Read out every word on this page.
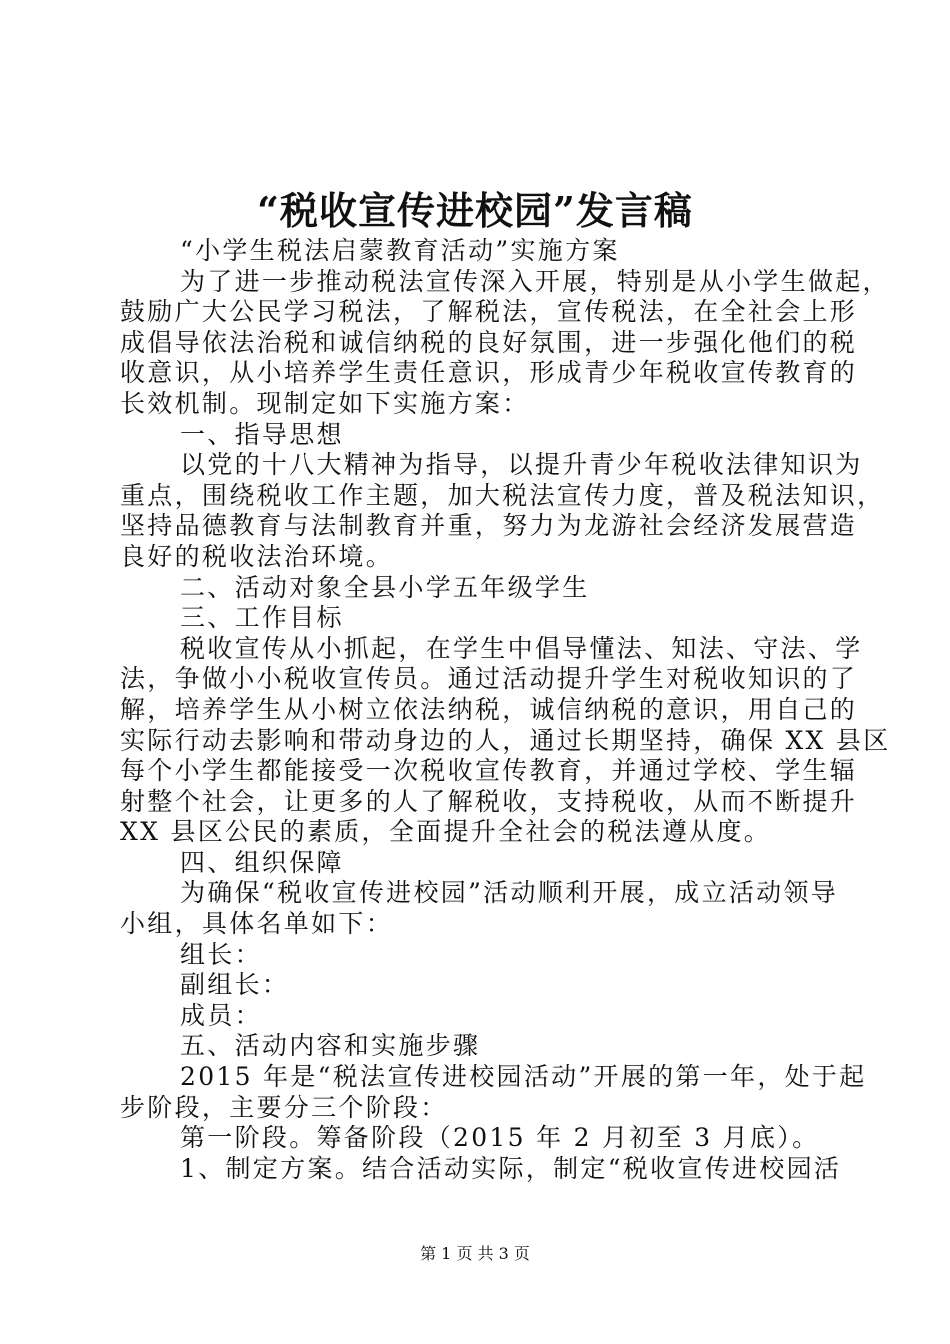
“税收宣传进校园”发言稿
“小学生税法启蒙教育活动”实施方案
为了进一步推动税法宣传深入开展，特别是从小学生做起，
鼓励广大公民学习税法，了解税法，宣传税法，在全社会上形
成倡导依法治税和诚信纳税的良好氛围，进一步强化他们的税
收意识，从小培养学生责任意识，形成青少年税收宣传教育的
长效机制。现制定如下实施方案：
一、指导思想
以党的十八大精神为指导，以提升青少年税收法律知识为
重点，围绕税收工作主题，加大税法宣传力度，普及税法知识，
坚持品德教育与法制教育并重，努力为龙游社会经济发展营造
良好的税收法治环境。
二、活动对象全县小学五年级学生
三、工作目标
税收宣传从小抓起，在学生中倡导懂法、知法、守法、学
法，争做小小税收宣传员。通过活动提升学生对税收知识的了
解，培养学生从小树立依法纳税，诚信纳税的意识，用自己的
实际行动去影响和带动身边的人，通过长期坚持，确保 XX 县区
每个小学生都能接受一次税收宣传教育，并通过学校、学生辐
射整个社会，让更多的人了解税收，支持税收，从而不断提升
XX 县区公民的素质，全面提升全社会的税法遵从度。
四、组织保障
为确保“税收宣传进校园”活动顺利开展，成立活动领导
小组，具体名单如下：
组长：
副组长：
成员：
五、活动内容和实施步骤
2015 年是“税法宣传进校园活动”开展的第一年，处于起
步阶段，主要分三个阶段：
第一阶段。筹备阶段（2015 年 2 月初至 3 月底）。
1、制定方案。结合活动实际，制定“税收宣传进校园活
第 1 页 共 3 页
